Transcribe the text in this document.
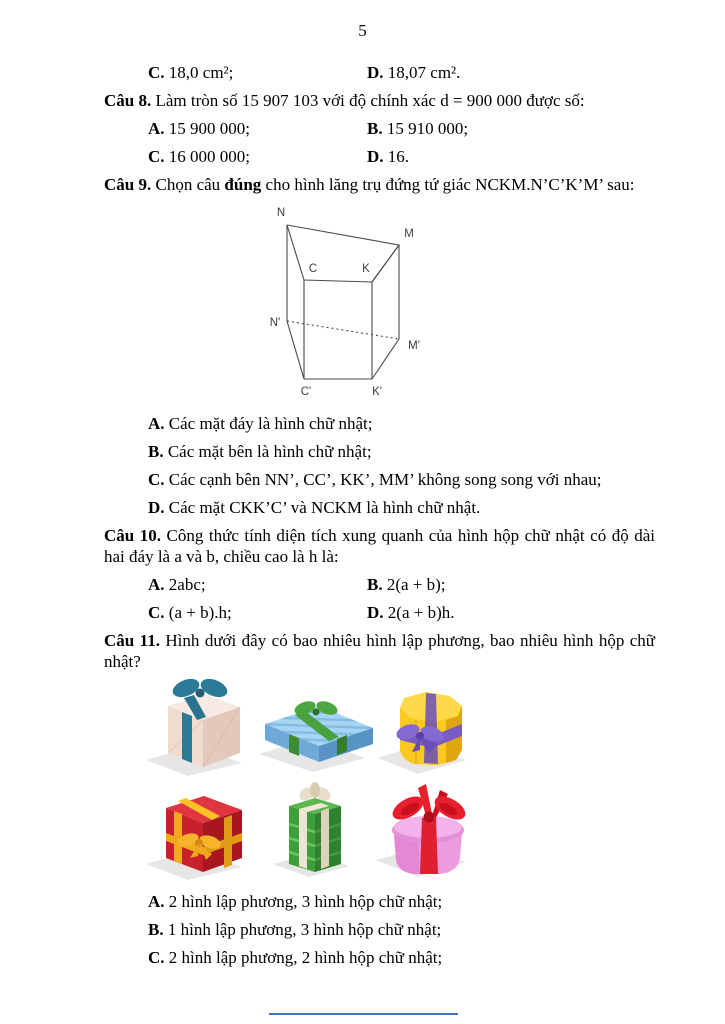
5
C. 18,0 cm²;	D. 18,07 cm².
Câu 8. Làm tròn số 15 907 103 với độ chính xác d = 900 000 được số:
A. 15 900 000;	B. 15 910 000;
C. 16 000 000;	D. 16.
Câu 9. Chọn câu đúng cho hình lăng trụ đứng tứ giác NCKM.N’C’K’M’ sau:
N
M
C	K
N'
M'
C'	K'
A. Các mặt đáy là hình chữ nhật;
B. Các mặt bên là hình chữ nhật;
C. Các cạnh bên NN’, CC’, KK’, MM’ không song song với nhau;
D. Các mặt CKK’C’ và NCKM là hình chữ nhật.
Câu 10. Công thức tính diện tích xung quanh của hình hộp chữ nhật có độ dài hai đáy là a và b, chiều cao là h là:
A. 2abc;	B. 2(a + b);
C. (a + b).h;	D. 2(a + b)h.
Câu 11. Hình dưới đây có bao nhiêu hình lập phương, bao nhiêu hình hộp chữ nhật?
A. 2 hình lập phương, 3 hình hộp chữ nhật;
B. 1 hình lập phương, 3 hình hộp chữ nhật;
C. 2 hình lập phương, 2 hình hộp chữ nhật;
